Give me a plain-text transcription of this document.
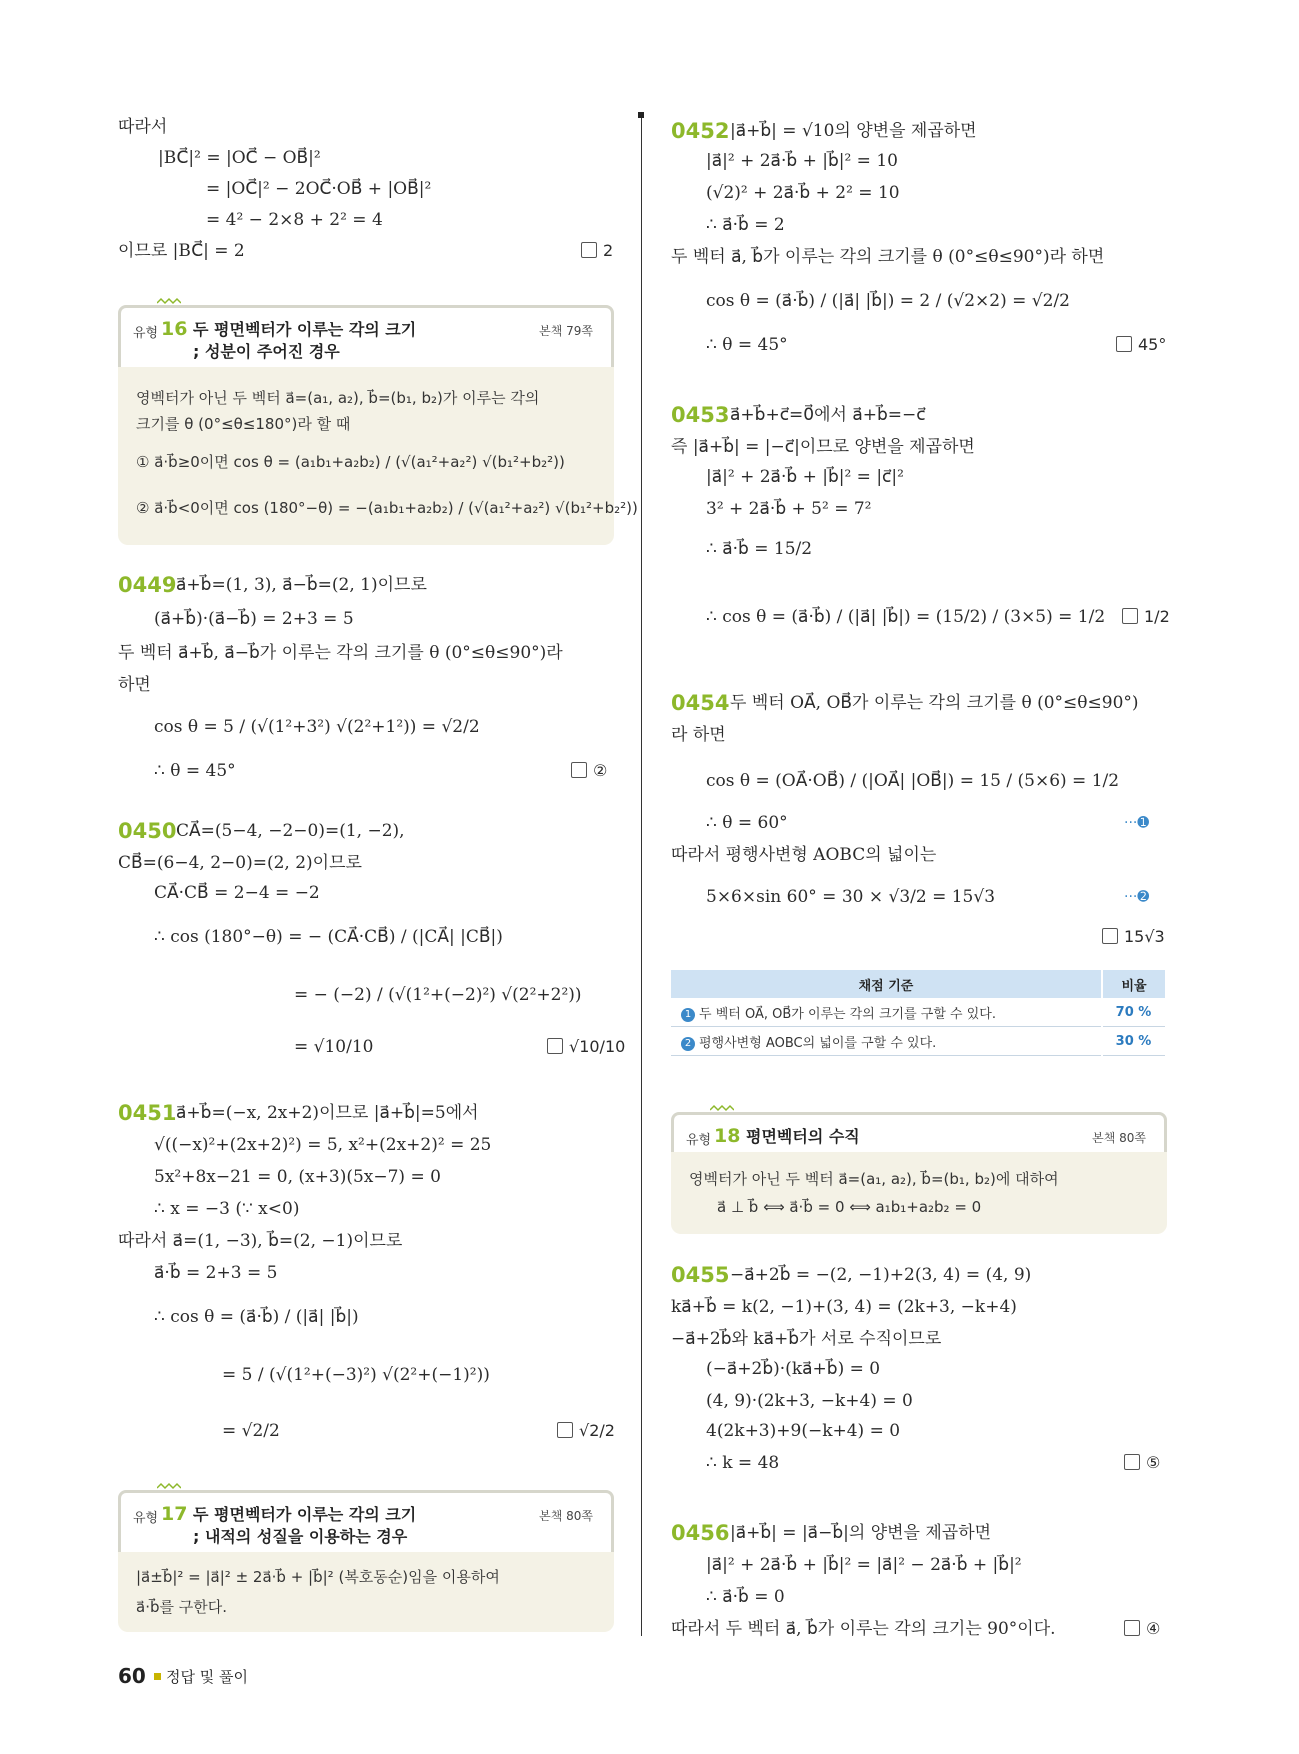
따라서
|BC⃗|² = |OC⃗ − OB⃗|²
= |OC⃗|² − 2OC⃗·OB⃗ + |OB⃗|²
= 4² − 2×8 + 2² = 4
이므로 |BC⃗| = 2	2
유형 16 두 평면벡터가 이루는 각의 크기
; 성분이 주어진 경우
본책 79쪽
영벡터가 아닌 두 벡터 a⃗=(a₁, a₂), b⃗=(b₁, b₂)가 이루는 각의
크기를 θ (0°≤θ≤180°)라 할 때
① a⃗·b⃗≥0이면 cos θ = (a₁b₁+a₂b₂) / (√(a₁²+a₂²) √(b₁²+b₂²))
② a⃗·b⃗<0이면 cos (180°−θ) = −(a₁b₁+a₂b₂) / (√(a₁²+a₂²) √(b₁²+b₂²))
0449 a⃗+b⃗=(1, 3), a⃗−b⃗=(2, 1)이므로
(a⃗+b⃗)·(a⃗−b⃗) = 2+3 = 5
두 벡터 a⃗+b⃗, a⃗−b⃗가 이루는 각의 크기를 θ (0°≤θ≤90°)라
하면
cos θ = 5 / (√(1²+3²) √(2²+1²)) = √2/2
∴ θ = 45°	②
0450 CA⃗=(5−4, −2−0)=(1, −2),
CB⃗=(6−4, 2−0)=(2, 2)이므로
CA⃗·CB⃗ = 2−4 = −2
∴ cos (180°−θ) = − (CA⃗·CB⃗) / (|CA⃗| |CB⃗|)
= − (−2) / (√(1²+(−2)²) √(2²+2²))
= √10/10	√10/10
0451 a⃗+b⃗=(−x, 2x+2)이므로 |a⃗+b⃗|=5에서
√((−x)²+(2x+2)²) = 5, x²+(2x+2)² = 25
5x²+8x−21 = 0, (x+3)(5x−7) = 0
∴ x = −3 (∵ x<0)
따라서 a⃗=(1, −3), b⃗=(2, −1)이므로
a⃗·b⃗ = 2+3 = 5
∴ cos θ = (a⃗·b⃗) / (|a⃗| |b⃗|)
= 5 / (√(1²+(−3)²) √(2²+(−1)²))
= √2/2	√2/2
유형 17 두 평면벡터가 이루는 각의 크기
; 내적의 성질을 이용하는 경우
본책 80쪽
|a⃗±b⃗|² = |a⃗|² ± 2a⃗·b⃗ + |b⃗|² (복호동순)임을 이용하여
a⃗·b⃗를 구한다.
0452 |a⃗+b⃗| = √10의 양변을 제곱하면
|a⃗|² + 2a⃗·b⃗ + |b⃗|² = 10
(√2)² + 2a⃗·b⃗ + 2² = 10
∴ a⃗·b⃗ = 2
두 벡터 a⃗, b⃗가 이루는 각의 크기를 θ (0°≤θ≤90°)라 하면
cos θ = (a⃗·b⃗) / (|a⃗| |b⃗|) = 2 / (√2×2) = √2/2
∴ θ = 45°	45°
0453 a⃗+b⃗+c⃗=0⃗에서 a⃗+b⃗=−c⃗
즉 |a⃗+b⃗| = |−c⃗|이므로 양변을 제곱하면
|a⃗|² + 2a⃗·b⃗ + |b⃗|² = |c⃗|²
3² + 2a⃗·b⃗ + 5² = 7²
∴ a⃗·b⃗ = 15/2
∴ cos θ = (a⃗·b⃗) / (|a⃗| |b⃗|) = (15/2) / (3×5) = 1/2	1/2
0454 두 벡터 OA⃗, OB⃗가 이루는 각의 크기를 θ (0°≤θ≤90°)
라 하면
cos θ = (OA⃗·OB⃗) / (|OA⃗| |OB⃗|) = 15 / (5×6) = 1/2
∴ θ = 60°	···➊
따라서 평행사변형 AOBC의 넓이는
5×6×sin 60° = 30 × √3/2 = 15√3	···➋
15√3
채점 기준	비율
1 두 벡터 OA⃗, OB⃗가 이루는 각의 크기를 구할 수 있다.	70 %
2 평행사변형 AOBC의 넓이를 구할 수 있다.	30 %
유형 18 평면벡터의 수직	본책 80쪽
영벡터가 아닌 두 벡터 a⃗=(a₁, a₂), b⃗=(b₁, b₂)에 대하여
a⃗ ⊥ b⃗ ⟺ a⃗·b⃗ = 0 ⟺ a₁b₁+a₂b₂ = 0
0455 −a⃗+2b⃗ = −(2, −1)+2(3, 4) = (4, 9)
ka⃗+b⃗ = k(2, −1)+(3, 4) = (2k+3, −k+4)
−a⃗+2b⃗와 ka⃗+b⃗가 서로 수직이므로
(−a⃗+2b⃗)·(ka⃗+b⃗) = 0
(4, 9)·(2k+3, −k+4) = 0
4(2k+3)+9(−k+4) = 0
∴ k = 48	⑤
0456 |a⃗+b⃗| = |a⃗−b⃗|의 양변을 제곱하면
|a⃗|² + 2a⃗·b⃗ + |b⃗|² = |a⃗|² − 2a⃗·b⃗ + |b⃗|²
∴ a⃗·b⃗ = 0
따라서 두 벡터 a⃗, b⃗가 이루는 각의 크기는 90°이다.	④
60 정답 및 풀이
